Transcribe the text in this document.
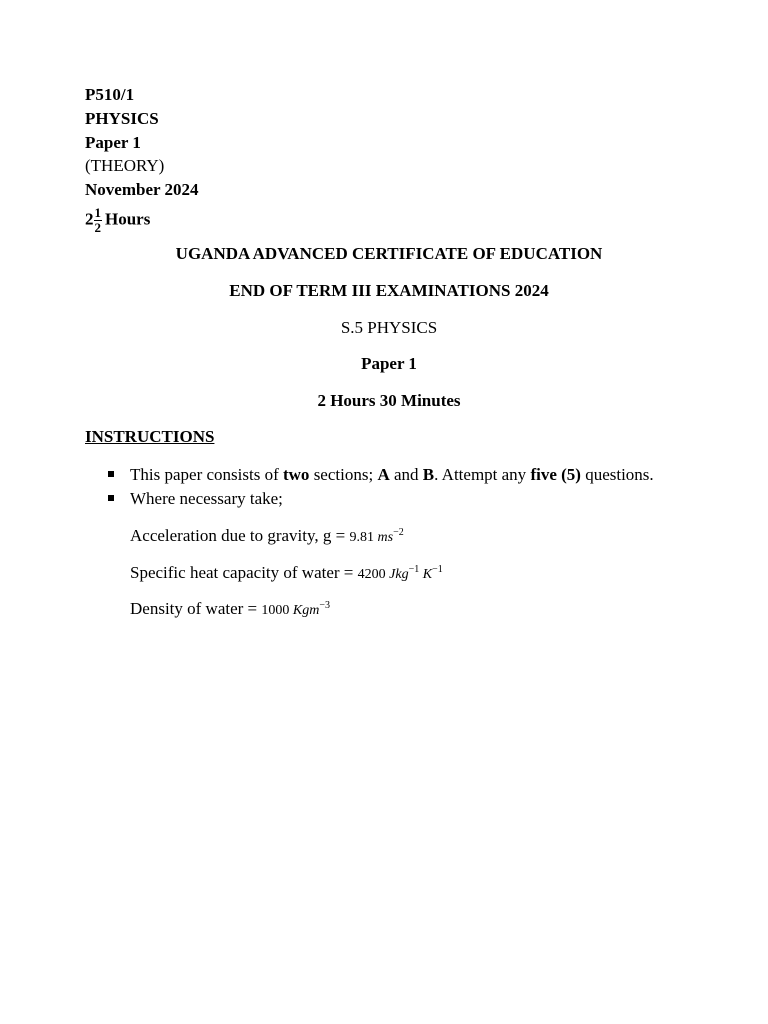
P510/1
PHYSICS
Paper 1
(THEORY)
November 2024
$2 \frac{1}{2}$ Hours
UGANDA ADVANCED CERTIFICATE OF EDUCATION
END OF TERM III EXAMINATIONS 2024
S.5 PHYSICS
Paper 1
2 Hours 30 Minutes
INSTRUCTIONS
This paper consists of two sections; A and B. Attempt any five (5) questions.
Where necessary take;
Acceleration due to gravity, g = 9.81 $ms^{-2}$
Specific heat capacity of water = 4200 Jkg$^{-1}$ $K^{-1}$
Density of water = 1000 Kgm$^{-3}$
